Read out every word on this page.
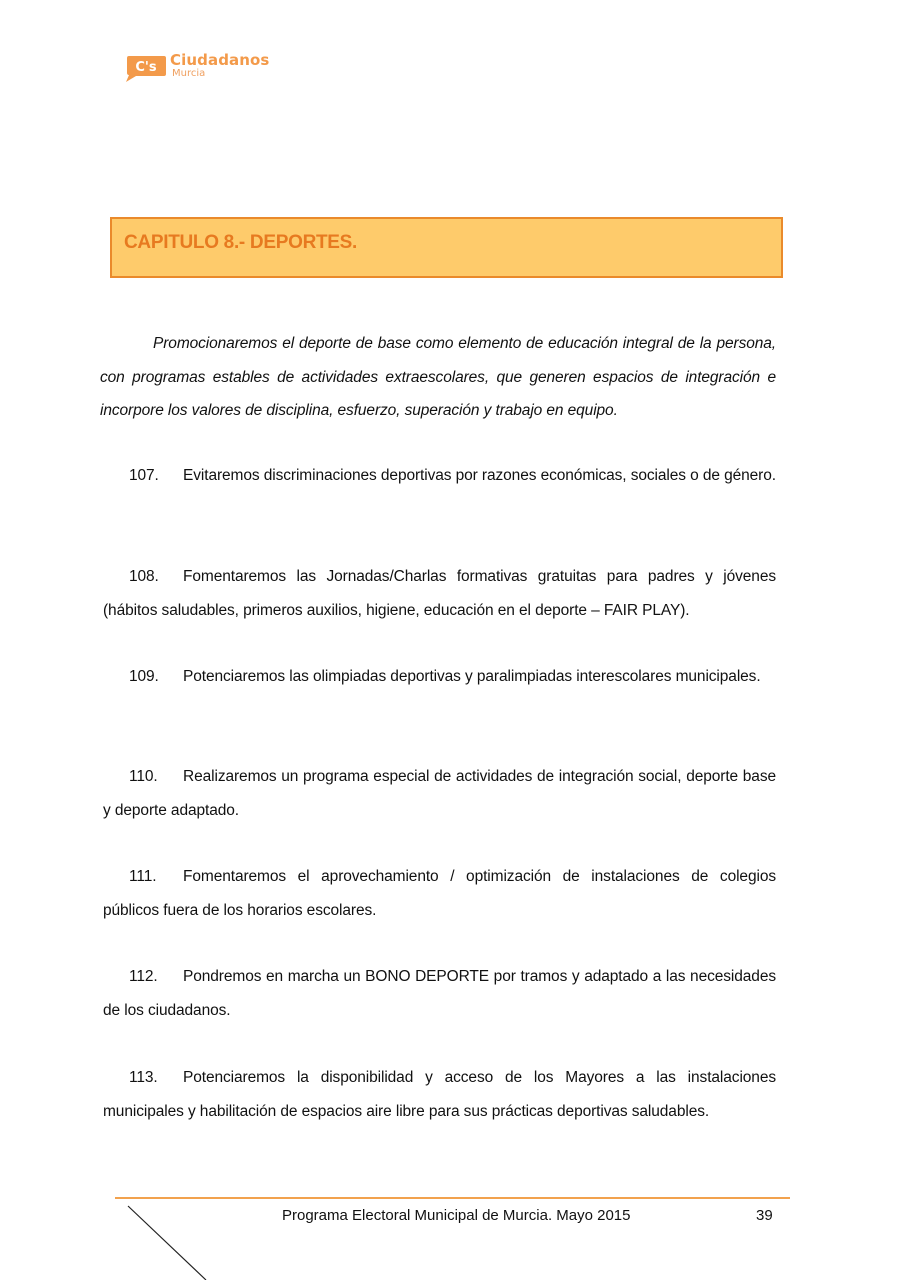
C's Ciudadanos
Murcia
CAPITULO 8.- DEPORTES.

Promocionaremos el deporte de base como elemento de educación integral de la persona, con programas estables de actividades extraescolares, que generen espacios de integración e incorpore los valores de disciplina, esfuerzo, superación y trabajo en equipo.

107. Evitaremos discriminaciones deportivas por razones económicas, sociales o de género.

108. Fomentaremos las Jornadas/Charlas formativas gratuitas para padres y jóvenes (hábitos saludables, primeros auxilios, higiene, educación en el deporte – FAIR PLAY).

109. Potenciaremos las olimpiadas deportivas y paralimpiadas interescolares municipales.

110. Realizaremos un programa especial de actividades de integración social, deporte base y deporte adaptado.

111. Fomentaremos el aprovechamiento / optimización de instalaciones de colegios públicos fuera de los horarios escolares.

112. Pondremos en marcha un BONO DEPORTE por tramos y adaptado a las necesidades de los ciudadanos.

113. Potenciaremos la disponibilidad y acceso de los Mayores a las instalaciones municipales y habilitación de espacios aire libre para sus prácticas deportivas saludables.

Programa Electoral Municipal de Murcia. Mayo 2015	39
